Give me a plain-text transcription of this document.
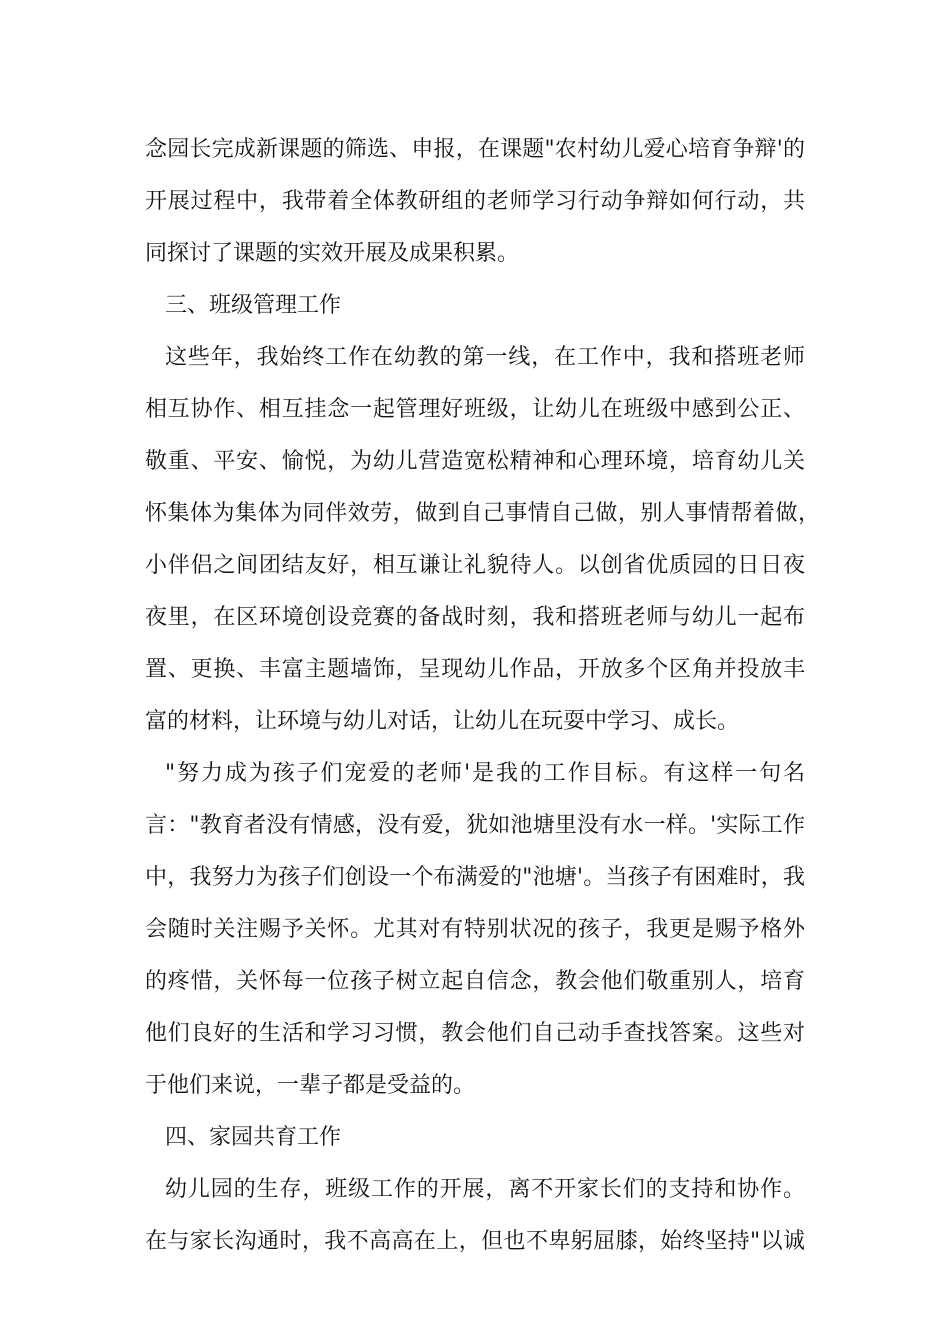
念园长完成新课题的筛选、申报，在课题"农村幼儿爱心培育争辩'的
开展过程中，我带着全体教研组的老师学习行动争辩如何行动，共
同探讨了课题的实效开展及成果积累。
三、班级管理工作
这些年，我始终工作在幼教的第一线，在工作中，我和搭班老师
相互协作、相互挂念一起管理好班级，让幼儿在班级中感到公正、
敬重、平安、愉悦，为幼儿营造宽松精神和心理环境，培育幼儿关
怀集体为集体为同伴效劳，做到自己事情自己做，别人事情帮着做，
小伴侣之间团结友好，相互谦让礼貌待人。以创省优质园的日日夜
夜里，在区环境创设竞赛的备战时刻，我和搭班老师与幼儿一起布
置、更换、丰富主题墙饰，呈现幼儿作品，开放多个区角并投放丰
富的材料，让环境与幼儿对话，让幼儿在玩耍中学习、成长。
"努力成为孩子们宠爱的老师'是我的工作目标。有这样一句名
言："教育者没有情感，没有爱，犹如池塘里没有水一样。'实际工作
中，我努力为孩子们创设一个布满爱的"池塘'。当孩子有困难时，我
会随时关注赐予关怀。尤其对有特别状况的孩子，我更是赐予格外
的疼惜，关怀每一位孩子树立起自信念，教会他们敬重别人，培育
他们良好的生活和学习习惯，教会他们自己动手查找答案。这些对
于他们来说，一辈子都是受益的。
四、家园共育工作
幼儿园的生存，班级工作的开展，离不开家长们的支持和协作。
在与家长沟通时，我不高高在上，但也不卑躬屈膝，始终坚持"以诚
